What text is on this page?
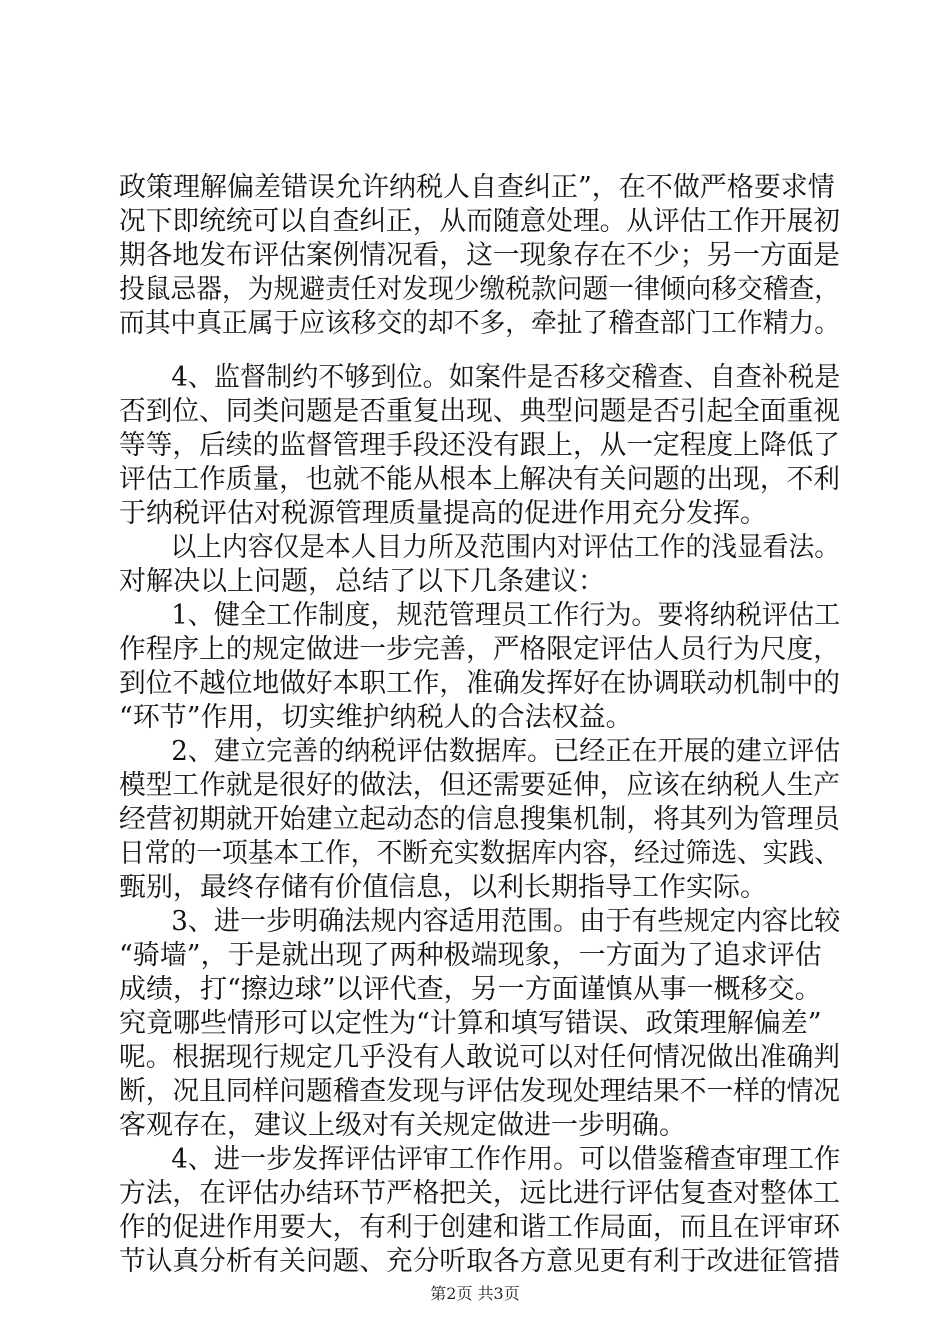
政策理解偏差错误允许纳税人自查纠正”，在不做严格要求情
况下即统统可以自查纠正，从而随意处理。从评估工作开展初
期各地发布评估案例情况看，这一现象存在不少；另一方面是
投鼠忌器，为规避责任对发现少缴税款问题一律倾向移交稽查，
而其中真正属于应该移交的却不多，牵扯了稽查部门工作精力。
　　4、监督制约不够到位。如案件是否移交稽查、自查补税是
否到位、同类问题是否重复出现、典型问题是否引起全面重视
等等，后续的监督管理手段还没有跟上，从一定程度上降低了
评估工作质量，也就不能从根本上解决有关问题的出现，不利
于纳税评估对税源管理质量提高的促进作用充分发挥。
　　以上内容仅是本人目力所及范围内对评估工作的浅显看法。
对解决以上问题，总结了以下几条建议：
　　1、健全工作制度，规范管理员工作行为。要将纳税评估工
作程序上的规定做进一步完善，严格限定评估人员行为尺度，
到位不越位地做好本职工作，准确发挥好在协调联动机制中的
“环节”作用，切实维护纳税人的合法权益。
　　2、建立完善的纳税评估数据库。已经正在开展的建立评估
模型工作就是很好的做法，但还需要延伸，应该在纳税人生产
经营初期就开始建立起动态的信息搜集机制，将其列为管理员
日常的一项基本工作，不断充实数据库内容，经过筛选、实践、
甄别，最终存储有价值信息，以利长期指导工作实际。
　　3、进一步明确法规内容适用范围。由于有些规定内容比较
“骑墙”，于是就出现了两种极端现象，一方面为了追求评估
成绩，打“擦边球”以评代查，另一方面谨慎从事一概移交。
究竟哪些情形可以定性为“计算和填写错误、政策理解偏差”
呢。根据现行规定几乎没有人敢说可以对任何情况做出准确判
断，况且同样问题稽查发现与评估发现处理结果不一样的情况
客观存在，建议上级对有关规定做进一步明确。
　　4、进一步发挥评估评审工作作用。可以借鉴稽查审理工作
方法，在评估办结环节严格把关，远比进行评估复查对整体工
作的促进作用要大，有利于创建和谐工作局面，而且在评审环
节认真分析有关问题、充分听取各方意见更有利于改进征管措
第2页 共3页
